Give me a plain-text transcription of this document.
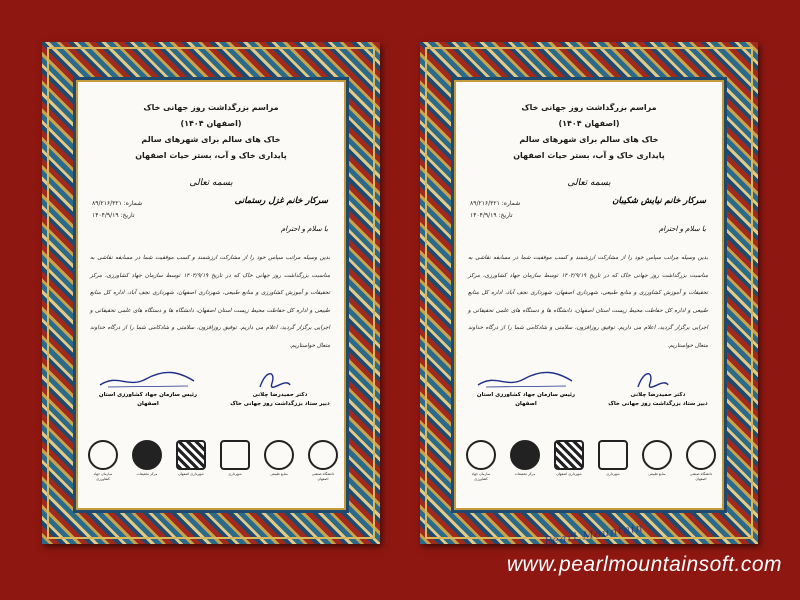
مراسم بزرگداشت روز جهانی خاک
(اصفهان ۱۴۰۴)
خاک های سالم برای شهرهای سالم
پایداری خاک و آب، بستر حیات اصفهان
بسمه تعالی
شماره: ۸۹/۲۱۶/۳۲۱
تاریخ: ۱۴۰۴/۹/۱۹
سرکار خانم غزل رستمانی
با سلام و احترام
بدین وسیله مراتب سپاس خود را از مشارکت ارزشمند و کسب موفقیت شما در مسابقه نقاشی به مناسبت بزرگداشت روز جهانی خاک که در تاریخ ۱۴۰۴/۹/۱۹ توسط سازمان جهاد کشاورزی، مرکز تحقیقات و آموزش کشاورزی و منابع طبیعی، شهرداری اصفهان، شهرداری نجف آباد، اداره کل منابع طبیعی و اداره کل حفاظت محیط زیست استان اصفهان، دانشگاه ها و دستگاه های علمی تحقیقاتی و اجرایی برگزار گردید، اعلام می داریم. توفیق روزافزون، سلامتی و شادکامی شما را از درگاه خداوند متعال خواستاریم.
رئیس سازمان جهاد کشاورزی استان اصفهان
دکتر حمیدرضا چلانی
دبیر ستاد بزرگداشت روز جهانی خاک
سازمان جهاد کشاورزی
مرکز تحقیقات	شهرداری اصفهان	شهرداری	منابع طبیعی	دانشگاه صنعتی اصفهان
مراسم بزرگداشت روز جهانی خاک
(اصفهان ۱۴۰۴)
خاک های سالم برای شهرهای سالم
پایداری خاک و آب، بستر حیات اصفهان
بسمه تعالی
شماره: ۸۹/۲۱۶/۳۲۱
تاریخ: ۱۴۰۴/۹/۱۹
سرکار خانم نیایش شکیبان
با سلام و احترام
بدین وسیله مراتب سپاس خود را از مشارکت ارزشمند و کسب موفقیت شما در مسابقه نقاشی به مناسبت بزرگداشت روز جهانی خاک که در تاریخ ۱۴۰۴/۹/۱۹ توسط سازمان جهاد کشاورزی، مرکز تحقیقات و آموزش کشاورزی و منابع طبیعی، شهرداری اصفهان، شهرداری نجف آباد، اداره کل منابع طبیعی و اداره کل حفاظت محیط زیست استان اصفهان، دانشگاه ها و دستگاه های علمی تحقیقاتی و اجرایی برگزار گردید، اعلام می داریم. توفیق روزافزون، سلامتی و شادکامی شما را از درگاه خداوند متعال خواستاریم.
رئیس سازمان جهاد کشاورزی استان اصفهان
دکتر حمیدرضا چلانی
دبیر ستاد بزرگداشت روز جهانی خاک
سازمان جهاد کشاورزی
مرکز تحقیقات	شهرداری اصفهان	شهرداری	منابع طبیعی	دانشگاه صنعتی اصفهان
Pearl Mountain
www.pearlmountainsoft.com
